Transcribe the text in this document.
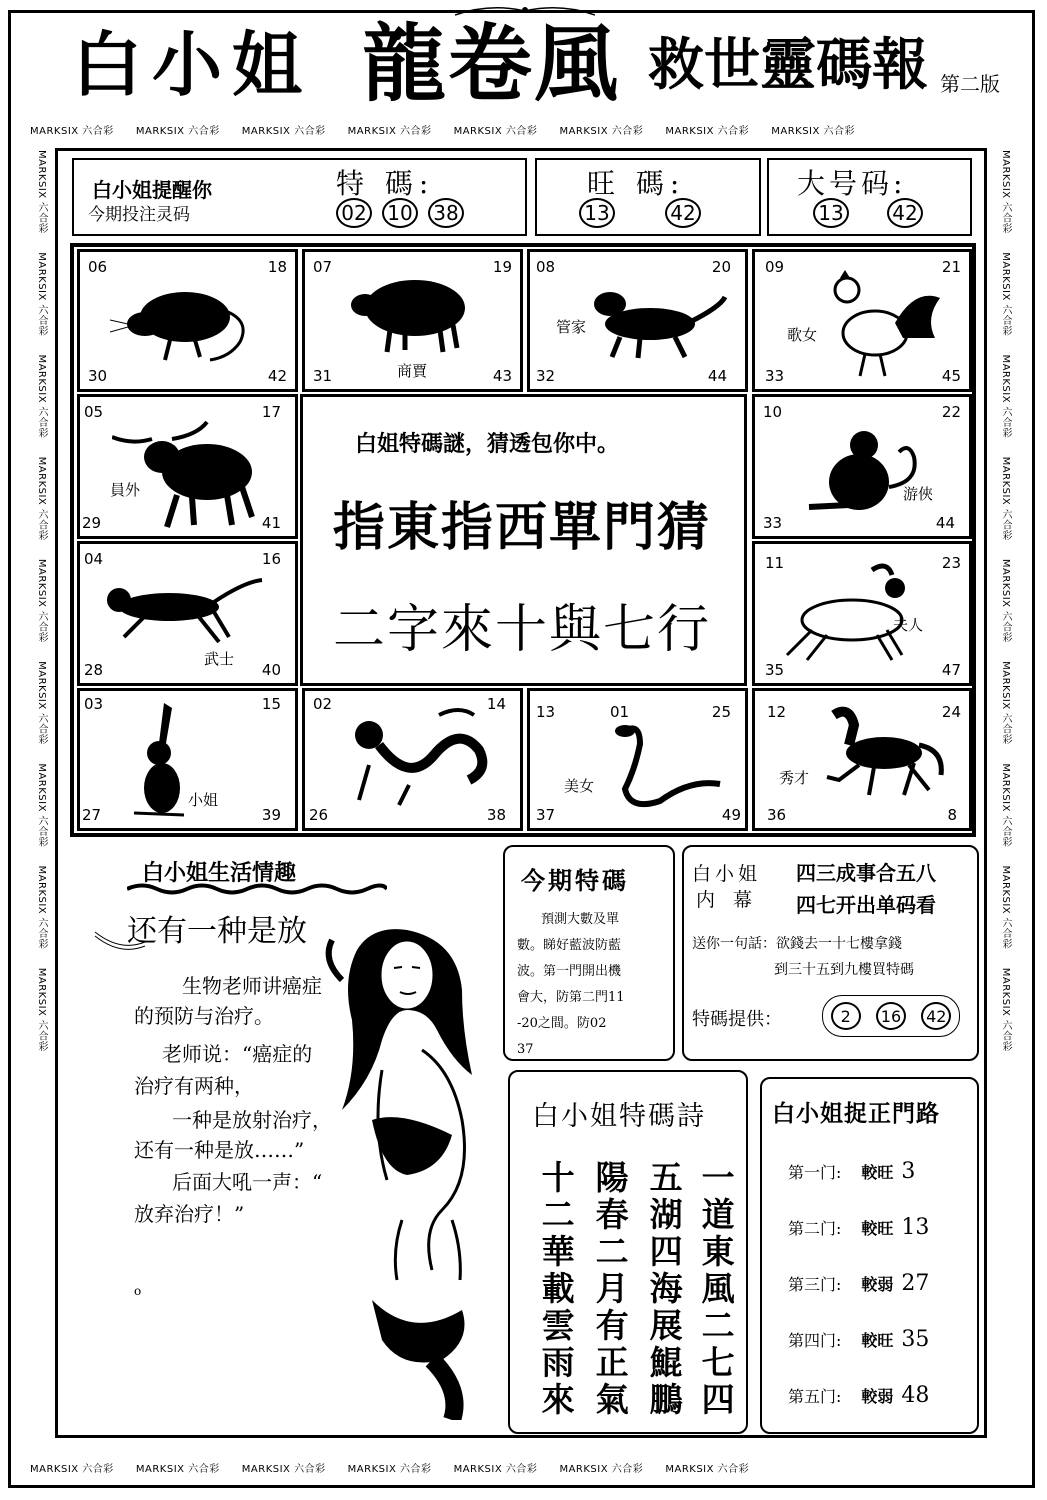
白小姐 龍卷風 救世靈碼報 第二版
MARKSIX 六合彩 MARKSIX 六合彩 MARKSIX 六合彩 MARKSIX 六合彩 MARKSIX 六合彩 MARKSIX 六合彩 MARKSIX 六合彩 MARKSIX 六合彩
MARKSIX 六合彩 MARKSIX 六合彩 MARKSIX 六合彩 MARKSIX 六合彩 MARKSIX 六合彩 MARKSIX 六合彩 MARKSIX 六合彩
MARKSIX 六合彩     MARKSIX 六合彩     MARKSIX 六合彩     MARKSIX 六合彩     MARKSIX 六合彩     MARKSIX 六合彩     MARKSIX 六合彩     MARKSIX 六合彩     MARKSIX 六合彩
MARKSIX 六合彩     MARKSIX 六合彩     MARKSIX 六合彩     MARKSIX 六合彩     MARKSIX 六合彩     MARKSIX 六合彩     MARKSIX 六合彩     MARKSIX 六合彩     MARKSIX 六合彩
白小姐提醒你
今期投注灵码
特 碼:
02 10 38
旺 碼:
13	42
大号码:
13 42
06	18
30	42
07	19
31	43
商賈
08	20
32	44
管家
09	21
33	45
歌女
05	17
29	41
員外
04	16
28	40
武士
白姐特碼謎，猜透包你中。
指東指西單門猜
二字來十與七行
10	22
33	44
游俠
11	23
35	47
夫人
03	15
27	39
小姐
02	14
26	38
13	01	25
37	49
美女
12	24
36	8
秀才
白小姐生活情趣
还有一种是放
生物老师讲癌症
的预防与治疗。
老师说：“癌症的
治疗有两种，
一种是放射治疗，
还有一种是放……”
后面大吼一声：“
放弃治疗！”
o
今期特碼
預測大數及單
數。睇好藍波防藍
波。第一門開出機
會大，防第二門11
-20之間。防02
37
白小姐
内 幕
四三成事合五八
四七开出单码看
送你一句話：欲錢去一十七樓拿錢
到三十五到九樓買特碼
特碼提供：	2	16	42
白小姐特碼詩
一道東風二七四
五湖四海展鯤鵬
陽春二月有正氣
十二華載雲雨來
白小姐捉正門路
第一门: 較旺 3
第二门: 較旺 13
第三门: 較弱 27
第四门: 較旺 35
第五门: 較弱 48
